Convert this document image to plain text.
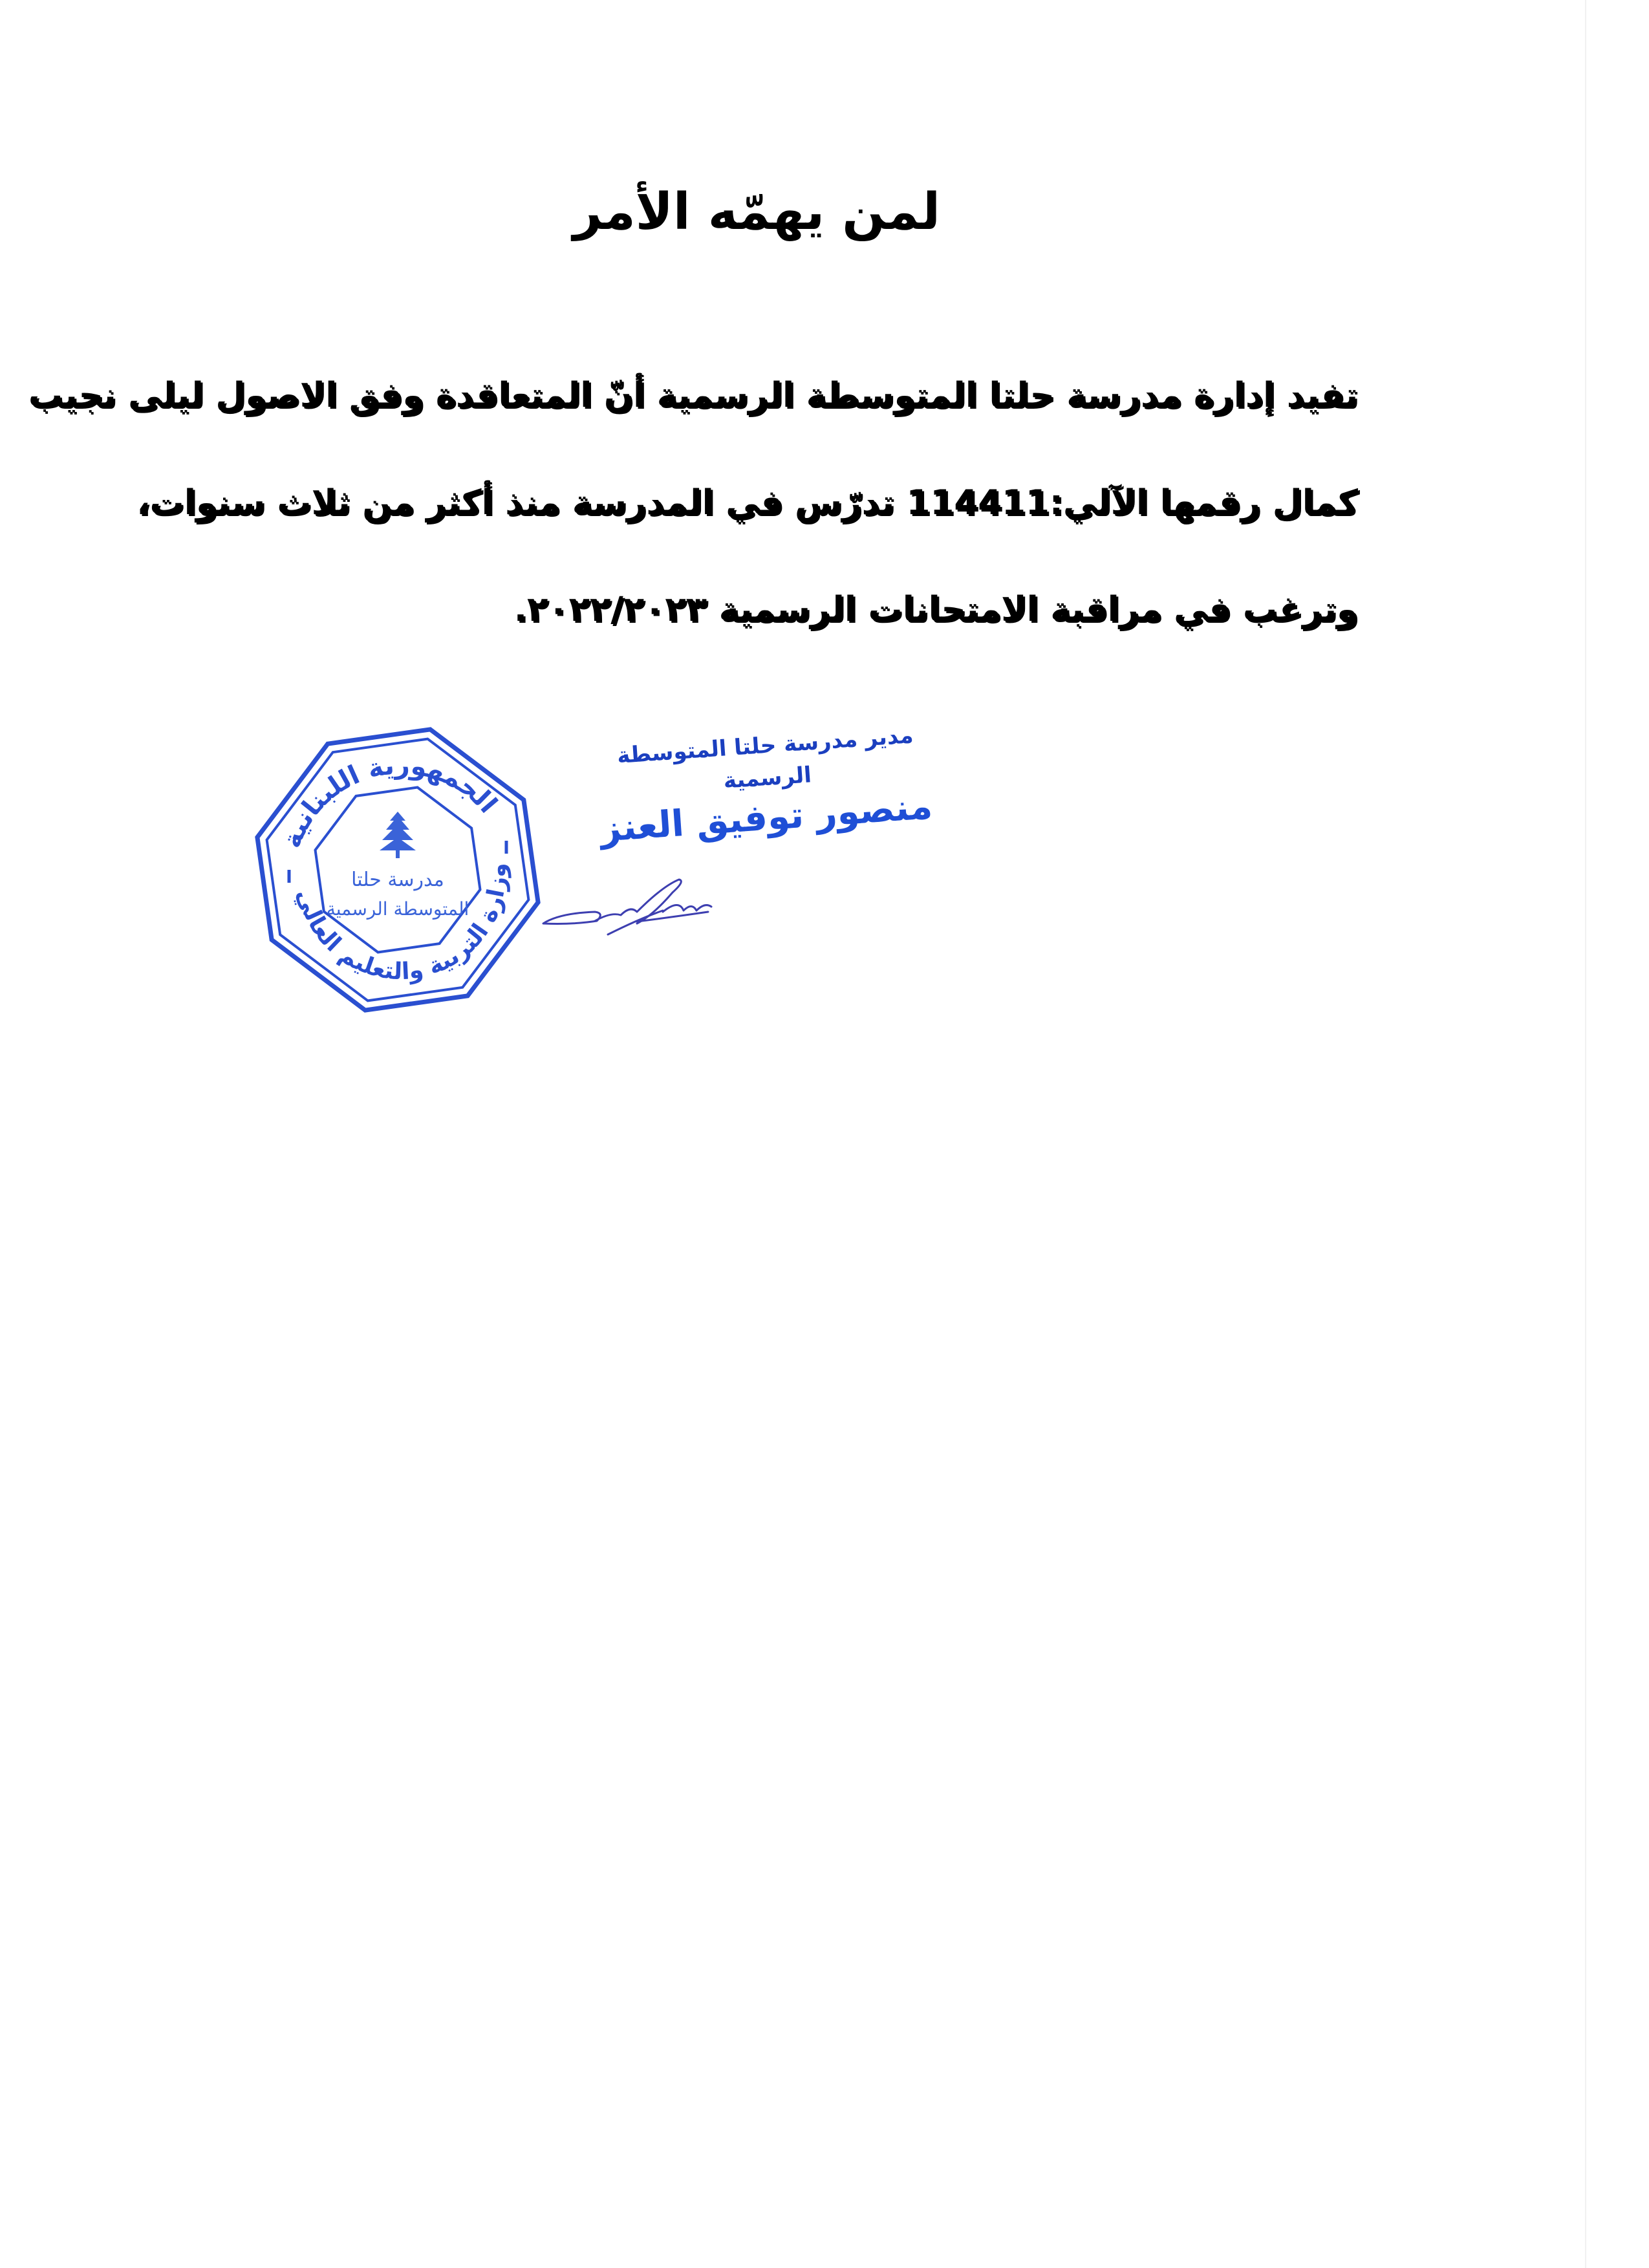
لمن يهمّه الأمر
تفيد إدارة مدرسة حلتا المتوسطة الرسمية أنّ المتعاقدة وفق الاصول ليلى نجيب
كمال رقمها الآلي:114411 تدرّس في المدرسة منذ أكثر من ثلاث سنوات،
وترغب في مراقبة الامتحانات الرسمية ٢٠٢٢/٢٠٢٣.
مدير مدرسة حلتا المتوسطة الرسمية
منصور توفيق العنز
الجمهورية اللبنانية
وزارة التربية والتعليم العالي
مدرسة حلتا
المتوسطة الرسمية
